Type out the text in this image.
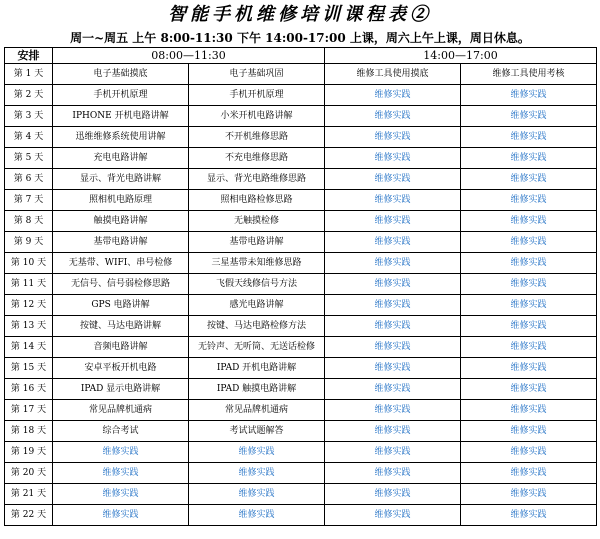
智能手机维修培训课程表②
周一~周五 上午 8:00-11:30 下午 14:00-17:00 上课，周六上午上课，周日休息。
安排	08:00—11:30		14:00—17:00	
第 1 天	电子基础摸底	电子基础巩固	维修工具使用摸底	维修工具使用考核
第 2 天	手机开机原理	手机开机原理	维修实践	维修实践
第 3 天	IPHONE 开机电路讲解	小米开机电路讲解	维修实践	维修实践
第 4 天	迅维维修系统使用讲解	不开机维修思路	维修实践	维修实践
第 5 天	充电电路讲解	不充电维修思路	维修实践	维修实践
第 6 天	显示、背光电路讲解	显示、背光电路维修思路	维修实践	维修实践
第 7 天	照相机电路原理	照相电路检修思路	维修实践	维修实践
第 8 天	触摸电路讲解	无触摸检修	维修实践	维修实践
第 9 天	基带电路讲解	基带电路讲解	维修实践	维修实践
第 10 天	无基带、WIFI、串号检修	三星基带未知维修思路	维修实践	维修实践
第 11 天	无信号、信号弱检修思路	飞假天线修信号方法	维修实践	维修实践
第 12 天	GPS 电路讲解	感光电路讲解	维修实践	维修实践
第 13 天	按键、马达电路讲解	按键、马达电路检修方法	维修实践	维修实践
第 14 天	音频电路讲解	无铃声、无听筒、无送话检修	维修实践	维修实践
第 15 天	安卓平板开机电路	IPAD 开机电路讲解	维修实践	维修实践
第 16 天	IPAD 显示电路讲解	IPAD 触摸电路讲解	维修实践	维修实践
第 17 天	常见品牌机通病	常见品牌机通病	维修实践	维修实践
第 18 天	综合考试	考试试题解答	维修实践	维修实践
第 19 天	维修实践	维修实践	维修实践	维修实践
第 20 天	维修实践	维修实践	维修实践	维修实践
第 21 天	维修实践	维修实践	维修实践	维修实践
第 22 天	维修实践	维修实践	维修实践	维修实践
